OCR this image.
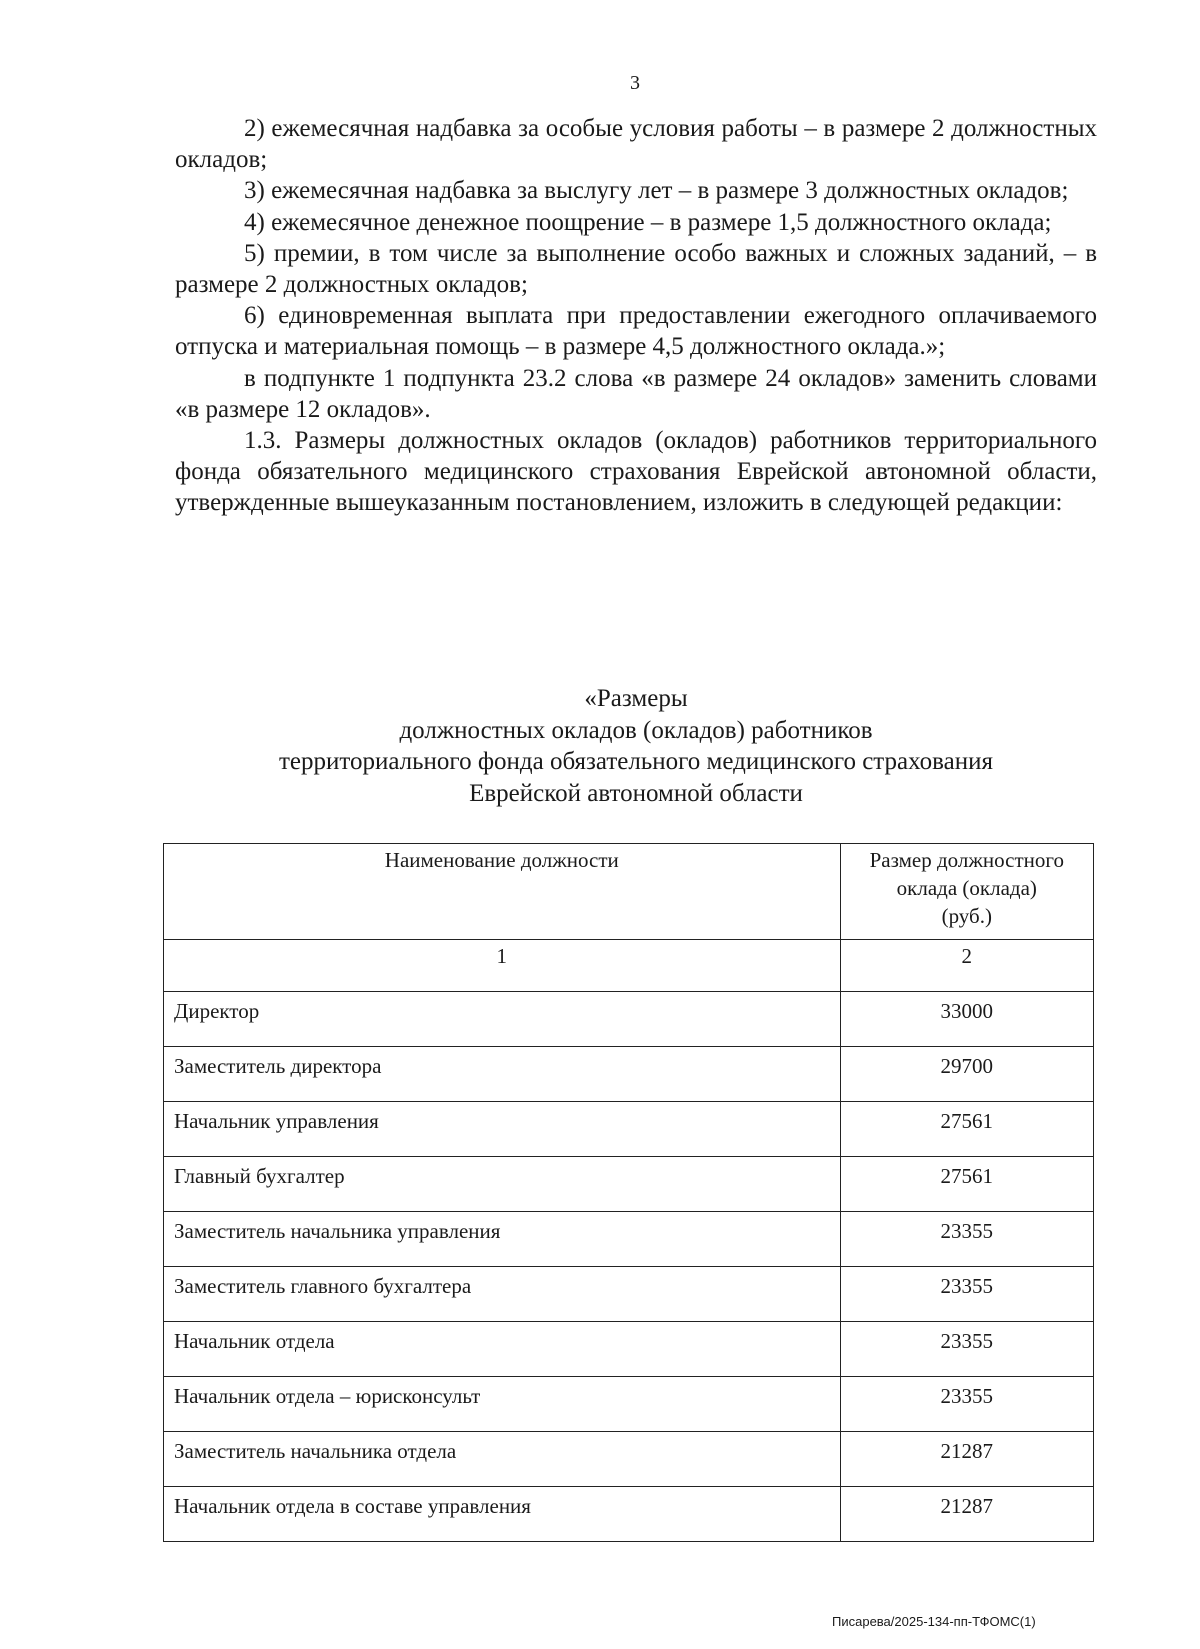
3

2) ежемесячная надбавка за особые условия работы – в размере 2 должностных окладов;

3) ежемесячная надбавка за выслугу лет – в размере 3 должностных окладов;

4) ежемесячное денежное поощрение – в размере 1,5 должностного оклада;

5) премии, в том числе за выполнение особо важных и сложных заданий, – в размере 2 должностных окладов;

6) единовременная выплата при предоставлении ежегодного оплачиваемого отпуска и материальная помощь – в размере 4,5 должностного оклада.»;

в подпункте 1 подпункта 23.2 слова «в размере 24 окладов» заменить словами «в размере 12 окладов».

1.3. Размеры должностных окладов (окладов) работников территориального фонда обязательного медицинского страхования Еврейской автономной области, утвержденные вышеуказанным постановлением, изложить в следующей редакции:

«Размеры
должностных окладов (окладов) работников
территориального фонда обязательного медицинского страхования
Еврейской автономной области
Наименование должности	Размер должностного
оклада (оклада)
(руб.)

1	2
Директор	33000
Заместитель директора	29700
Начальник управления	27561
Главный бухгалтер	27561
Заместитель начальника управления	23355
Заместитель главного бухгалтера	23355
Начальник отдела	23355
Начальник отдела – юрисконсульт	23355
Заместитель начальника отдела	21287
Начальник отдела в составе управления	21287
Писарева/2025-134-пп-ТФОМС(1)
